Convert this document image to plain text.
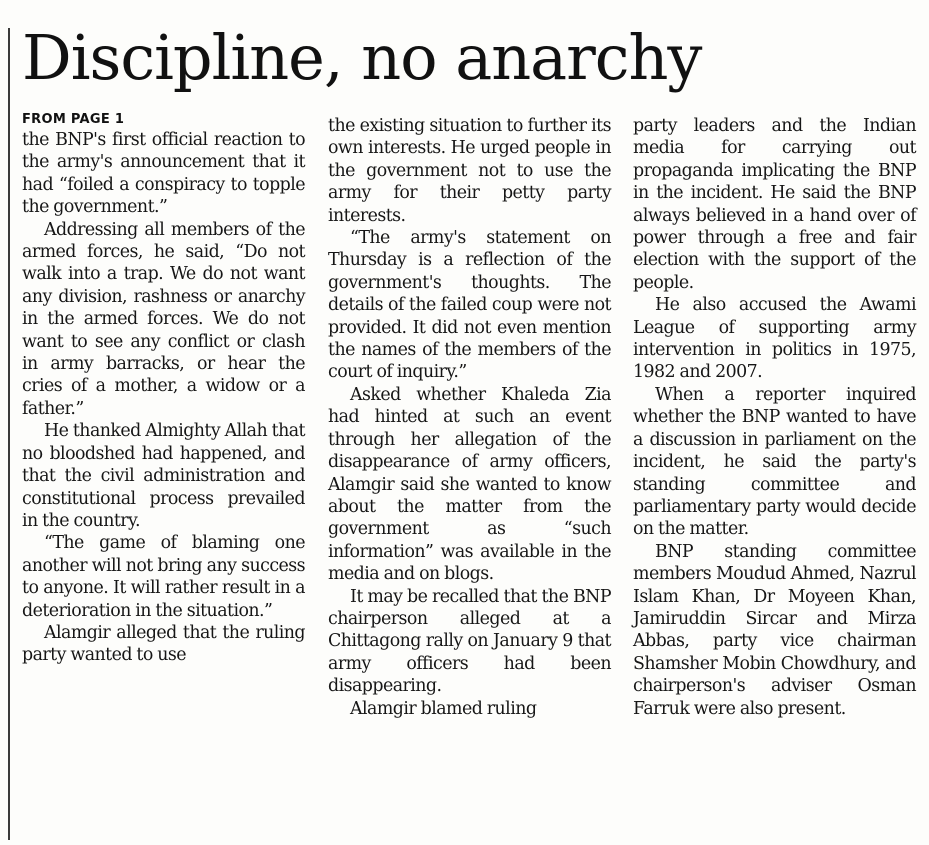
Discipline, no anarchy
FROM PAGE 1

the BNP's first official reaction to the army's announcement that it had “foiled a conspiracy to topple the government.”

Addressing all members of the armed forces, he said, “Do not walk into a trap. We do not want any division, rashness or anarchy in the armed forces. We do not want to see any conflict or clash in army barracks, or hear the cries of a mother, a widow or a father.”

He thanked Almighty Allah that no bloodshed had happened, and that the civil administration and constitutional process prevailed in the country.

“The game of blaming one another will not bring any success to anyone. It will rather result in a deterioration in the situation.”

Alamgir alleged that the ruling party wanted to use

the existing situation to further its own interests. He urged people in the government not to use the army for their petty party interests.

“The army's statement on Thursday is a reflection of the government's thoughts. The details of the failed coup were not provided. It did not even mention the names of the members of the court of inquiry.”

Asked whether Khaleda Zia had hinted at such an event through her allegation of the disappearance of army officers, Alamgir said she wanted to know about the matter from the government as “such information” was available in the media and on blogs.

It may be recalled that the BNP chairperson alleged at a Chittagong rally on January 9 that army officers had been disappearing.

Alamgir blamed ruling

party leaders and the Indian media for carrying out propaganda implicating the BNP in the incident. He said the BNP always believed in a hand over of power through a free and fair election with the support of the people.

He also accused the Awami League of supporting army intervention in politics in 1975, 1982 and 2007.

When a reporter inquired whether the BNP wanted to have a discussion in parliament on the incident, he said the party's standing committee and parliamentary party would decide on the matter.

BNP standing committee members Moudud Ahmed, Nazrul Islam Khan, Dr Moyeen Khan, Jamiruddin Sircar and Mirza Abbas, party vice chairman Shamsher Mobin Chowdhury, and chairperson's adviser Osman Farruk were also present.
